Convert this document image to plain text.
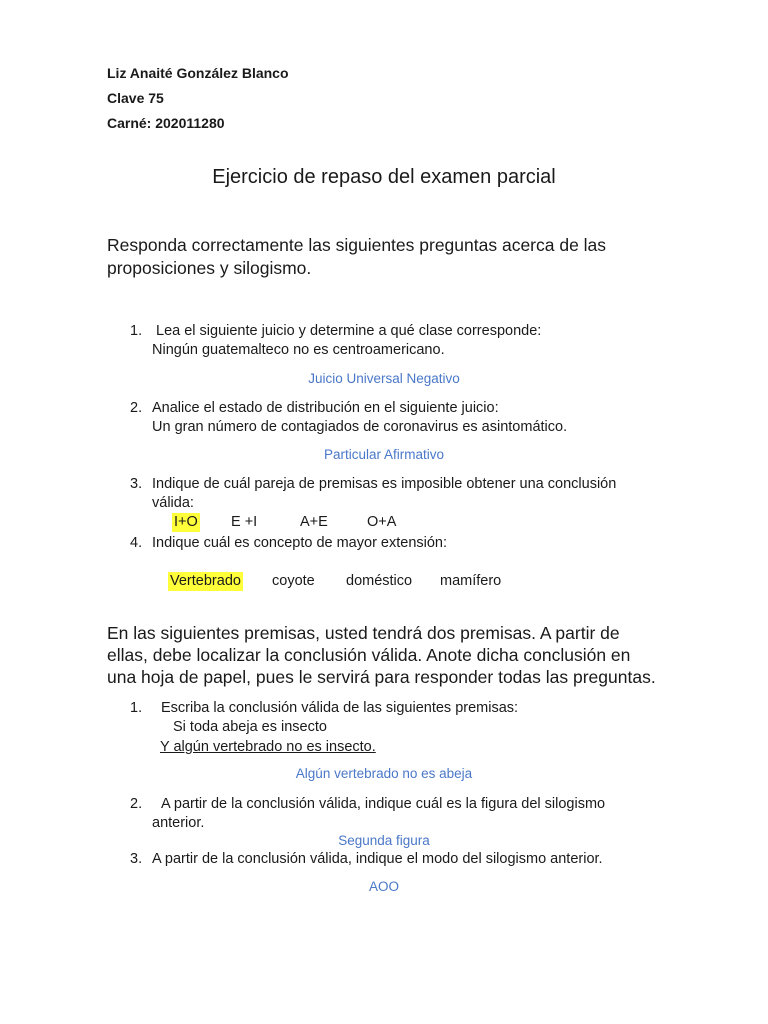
Liz Anaité González Blanco
Clave 75
Carné: 202011280
Ejercicio de repaso del examen parcial
Responda correctamente las siguientes preguntas acerca de las
proposiciones y silogismo.
1. Lea el siguiente juicio y determine a qué clase corresponde:
Ningún guatemalteco no es centroamericano.
Juicio Universal Negativo
2. Analice el estado de distribución en el siguiente juicio:
Un gran número de contagiados de coronavirus es asintomático.
Particular Afirmativo
3. Indique de cuál pareja de premisas es imposible obtener una conclusión
válida:
I+O E +I	A+E	O+A
4. Indique cuál es concepto de mayor extensión:
Vertebrado coyote doméstico mamífero
En las siguientes premisas, usted tendrá dos premisas. A partir de
ellas, debe localizar la conclusión válida. Anote dicha conclusión en
una hoja de papel, pues le servirá para responder todas las preguntas.
1. Escriba la conclusión válida de las siguientes premisas:
Si toda abeja es insecto
Y algún vertebrado no es insecto.
Algún vertebrado no es abeja
2. A partir de la conclusión válida, indique cuál es la figura del silogismo
anterior.
Segunda figura
3. A partir de la conclusión válida, indique el modo del silogismo anterior.
AOO
